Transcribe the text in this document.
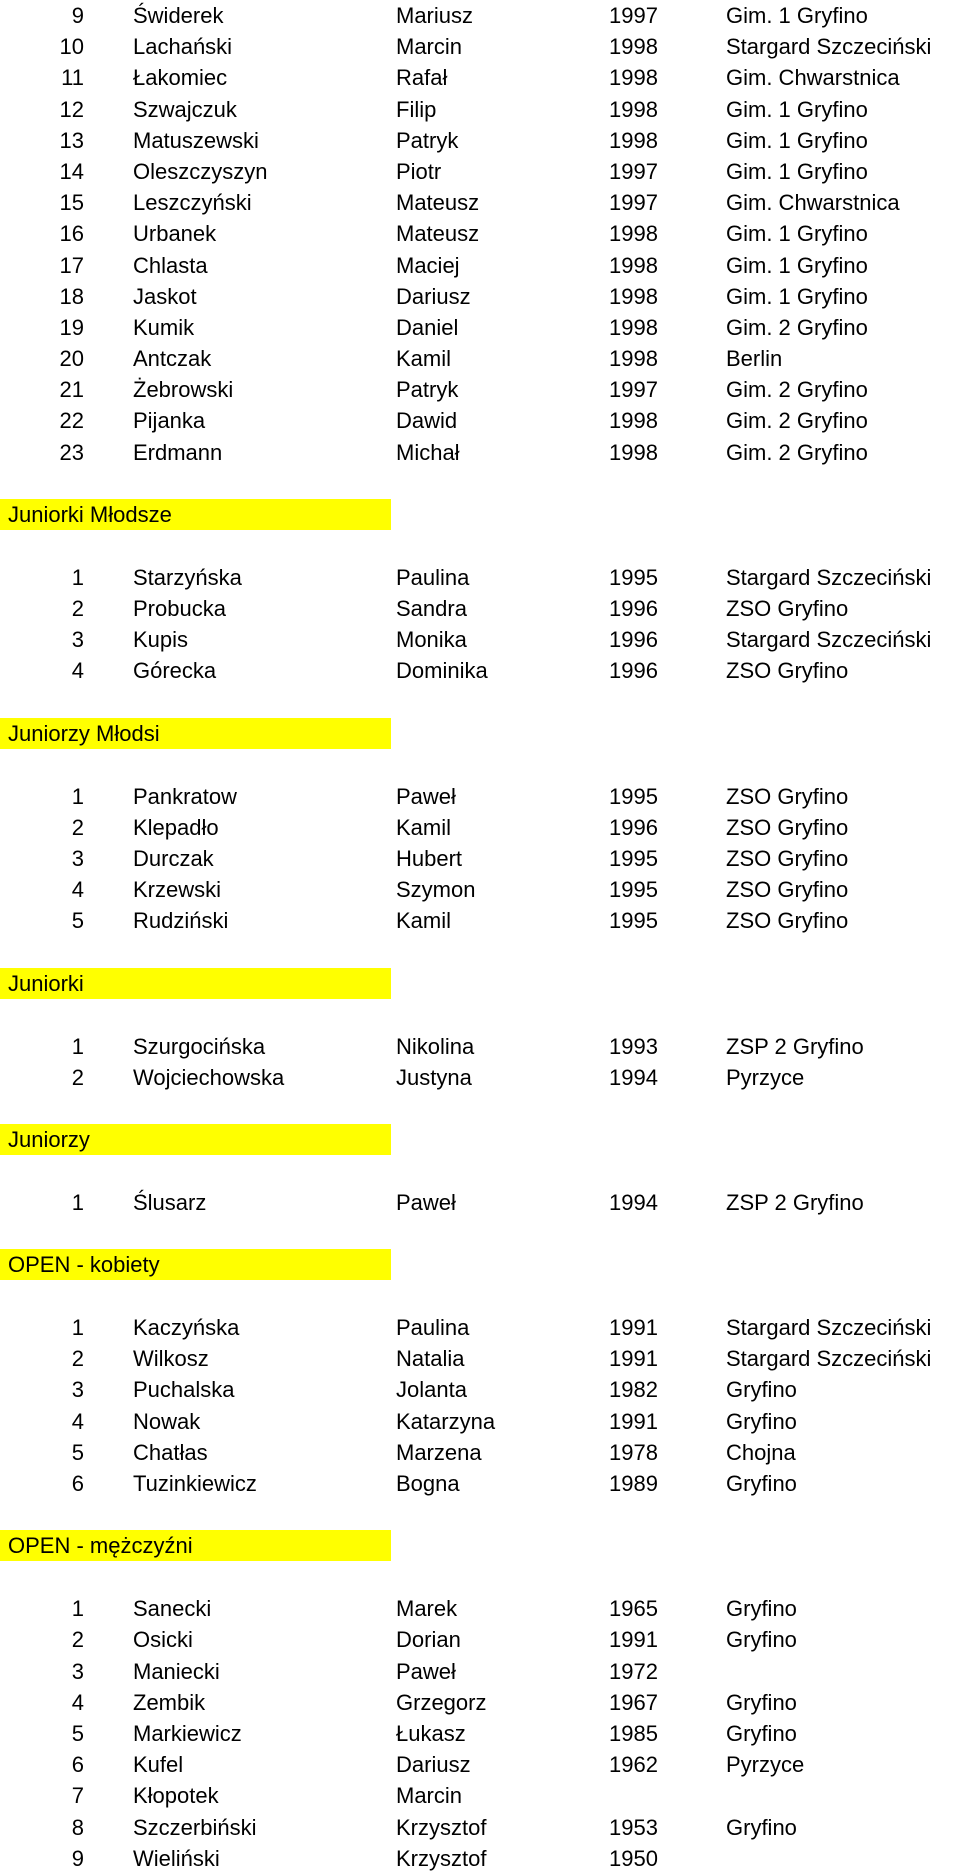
9 Świderek	Mariusz	1997	Gim. 1 Gryfino
10 Lachański	Marcin	1998	Stargard Szczeciński
11 Łakomiec	Rafał	1998	Gim. Chwarstnica
12 Szwajczuk	Filip	1998	Gim. 1 Gryfino
13 Matuszewski	Patryk	1998	Gim. 1 Gryfino
14 Oleszczyszyn	Piotr	1997	Gim. 1 Gryfino
15 Leszczyński	Mateusz	1997	Gim. Chwarstnica
16 Urbanek	Mateusz	1998	Gim. 1 Gryfino
17 Chlasta	Maciej	1998	Gim. 1 Gryfino
18 Jaskot	Dariusz	1998	Gim. 1 Gryfino
19 Kumik	Daniel	1998	Gim. 2 Gryfino
20 Antczak	Kamil	1998	Berlin
21 Żebrowski	Patryk	1997	Gim. 2 Gryfino
22 Pijanka	Dawid	1998	Gim. 2 Gryfino
23 Erdmann	Michał	1998	Gim. 2 Gryfino
Juniorki Młodsze
1 Starzyńska	Paulina	1995	Stargard Szczeciński
2 Probucka	Sandra	1996	ZSO Gryfino
3 Kupis	Monika	1996	Stargard Szczeciński
4 Górecka	Dominika	1996	ZSO Gryfino
Juniorzy Młodsi
1 Pankratow	Paweł	1995	ZSO Gryfino
2 Klepadło	Kamil	1996	ZSO Gryfino
3 Durczak	Hubert	1995	ZSO Gryfino
4 Krzewski	Szymon	1995	ZSO Gryfino
5 Rudziński	Kamil	1995	ZSO Gryfino
Juniorki
1 Szurgocińska	Nikolina	1993	ZSP 2 Gryfino
2 Wojciechowska	Justyna	1994	Pyrzyce
Juniorzy
1 Ślusarz	Paweł	1994	ZSP 2 Gryfino
OPEN - kobiety
1 Kaczyńska	Paulina	1991	Stargard Szczeciński
2 Wilkosz	Natalia	1991	Stargard Szczeciński
3 Puchalska	Jolanta	1982	Gryfino
4 Nowak	Katarzyna	1991	Gryfino
5 Chatłas	Marzena	1978	Chojna
6 Tuzinkiewicz	Bogna	1989	Gryfino
OPEN - mężczyźni
1 Sanecki	Marek	1965	Gryfino
2 Osicki	Dorian	1991	Gryfino
3 Maniecki	Paweł	1972
4 Zembik	Grzegorz	1967	Gryfino
5 Markiewicz	Łukasz	1985	Gryfino
6 Kufel	Dariusz	1962	Pyrzyce
7 Kłopotek	Marcin
8 Szczerbiński	Krzysztof	1953	Gryfino
9 Wieliński	Krzysztof	1950
